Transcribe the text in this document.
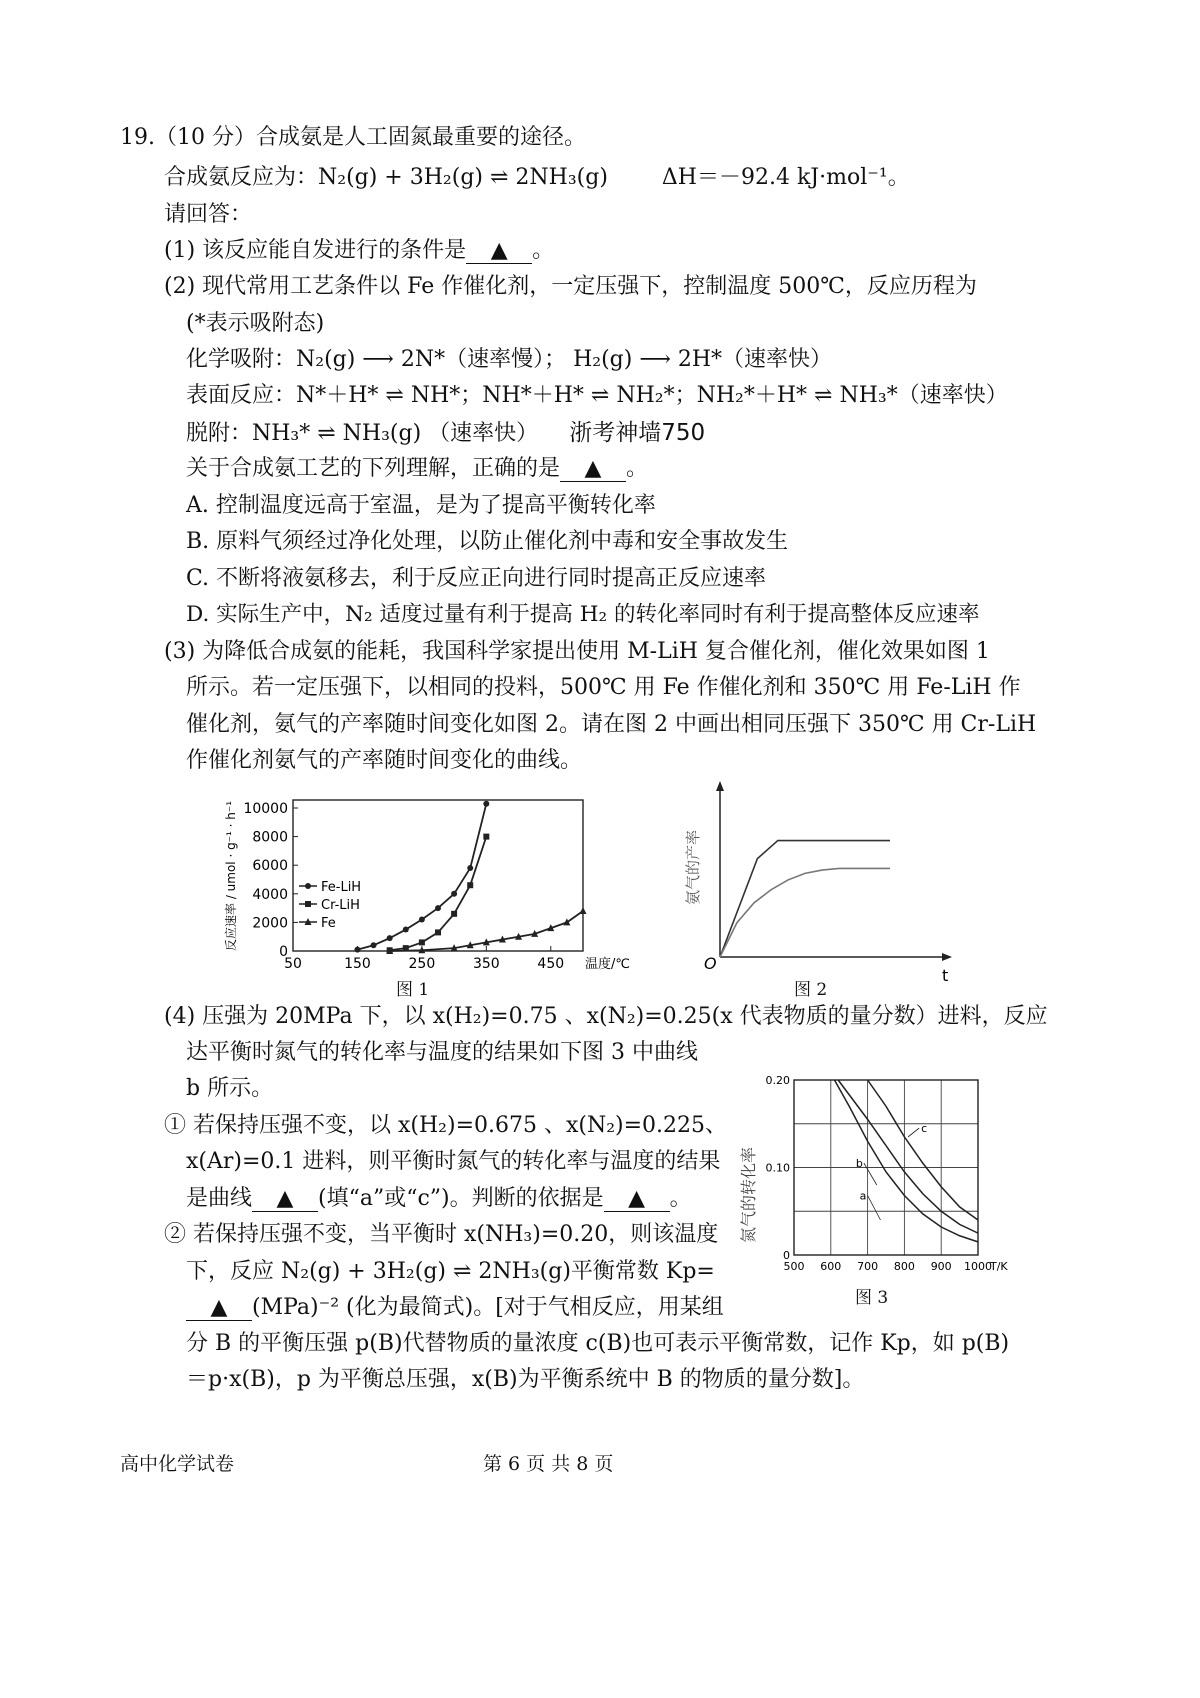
19.（10 分）合成氨是人工固氮最重要的途径。
合成氨反应为：N₂(g) + 3H₂(g) ⇌ 2NH₃(g) ΔH＝－92.4 kJ·mol⁻¹。
请回答：
(1) 该反应能自发进行的条件是 ▲ 。
(2) 现代常用工艺条件以 Fe 作催化剂，一定压强下，控制温度 500℃，反应历程为
(*表示吸附态)
化学吸附：N₂(g) ⟶ 2N*（速率慢）； H₂(g) ⟶ 2H*（速率快）
表面反应：N*＋H* ⇌ NH*；NH*＋H* ⇌ NH₂*；NH₂*＋H* ⇌ NH₃*（速率快）
脱附：NH₃* ⇌ NH₃(g) （速率快） 浙考神墙750
关于合成氨工艺的下列理解，正确的是 ▲ 。
A. 控制温度远高于室温，是为了提高平衡转化率
B. 原料气须经过净化处理，以防止催化剂中毒和安全事故发生
C. 不断将液氨移去，利于反应正向进行同时提高正反应速率
D. 实际生产中，N₂ 适度过量有利于提高 H₂ 的转化率同时有利于提高整体反应速率
(3) 为降低合成氨的能耗，我国科学家提出使用 M-LiH 复合催化剂，催化效果如图 1
所示。若一定压强下，以相同的投料，500℃ 用 Fe 作催化剂和 350℃ 用 Fe-LiH 作
催化剂，氨气的产率随时间变化如图 2。请在图 2 中画出相同压强下 350℃ 用 Cr-LiH
作催化剂氨气的产率随时间变化的曲线。
0
2000
4000
6000
8000
10000
50	150	250	350	450 温度/℃
反应速率 / umol · g⁻¹ · h⁻¹	Fe-LiH
Cr-LiH
Fe
图 1
O
t
氨气的产率
图 2
(4) 压强为 20MPa 下，以 x(H₂)=0.75 、x(N₂)=0.25(x 代表物质的量分数）进料，反应
达平衡时氮气的转化率与温度的结果如下图 3 中曲线
b 所示。
① 若保持压强不变，以 x(H₂)=0.675 、x(N₂)=0.225、
x(Ar)=0.1 进料，则平衡时氮气的转化率与温度的结果
是曲线 ▲ (填“a”或“c”)。判断的依据是 ▲ 。
② 若保持压强不变，当平衡时 x(NH₃)=0.20，则该温度
下，反应 N₂(g) + 3H₂(g) ⇌ 2NH₃(g)平衡常数 Kp=
▲ (MPa)⁻² (化为最简式)。[对于气相反应，用某组
分 B 的平衡压强 p(B)代替物质的量浓度 c(B)也可表示平衡常数，记作 Kp，如 p(B)
＝p·x(B)，p 为平衡总压强，x(B)为平衡系统中 B 的物质的量分数]。
0
0.10
0.20
500 600 700 800 900 1000
T/K
氮气的转化率	a
b
c
图 3
高中化学试卷	第 6 页 共 8 页
